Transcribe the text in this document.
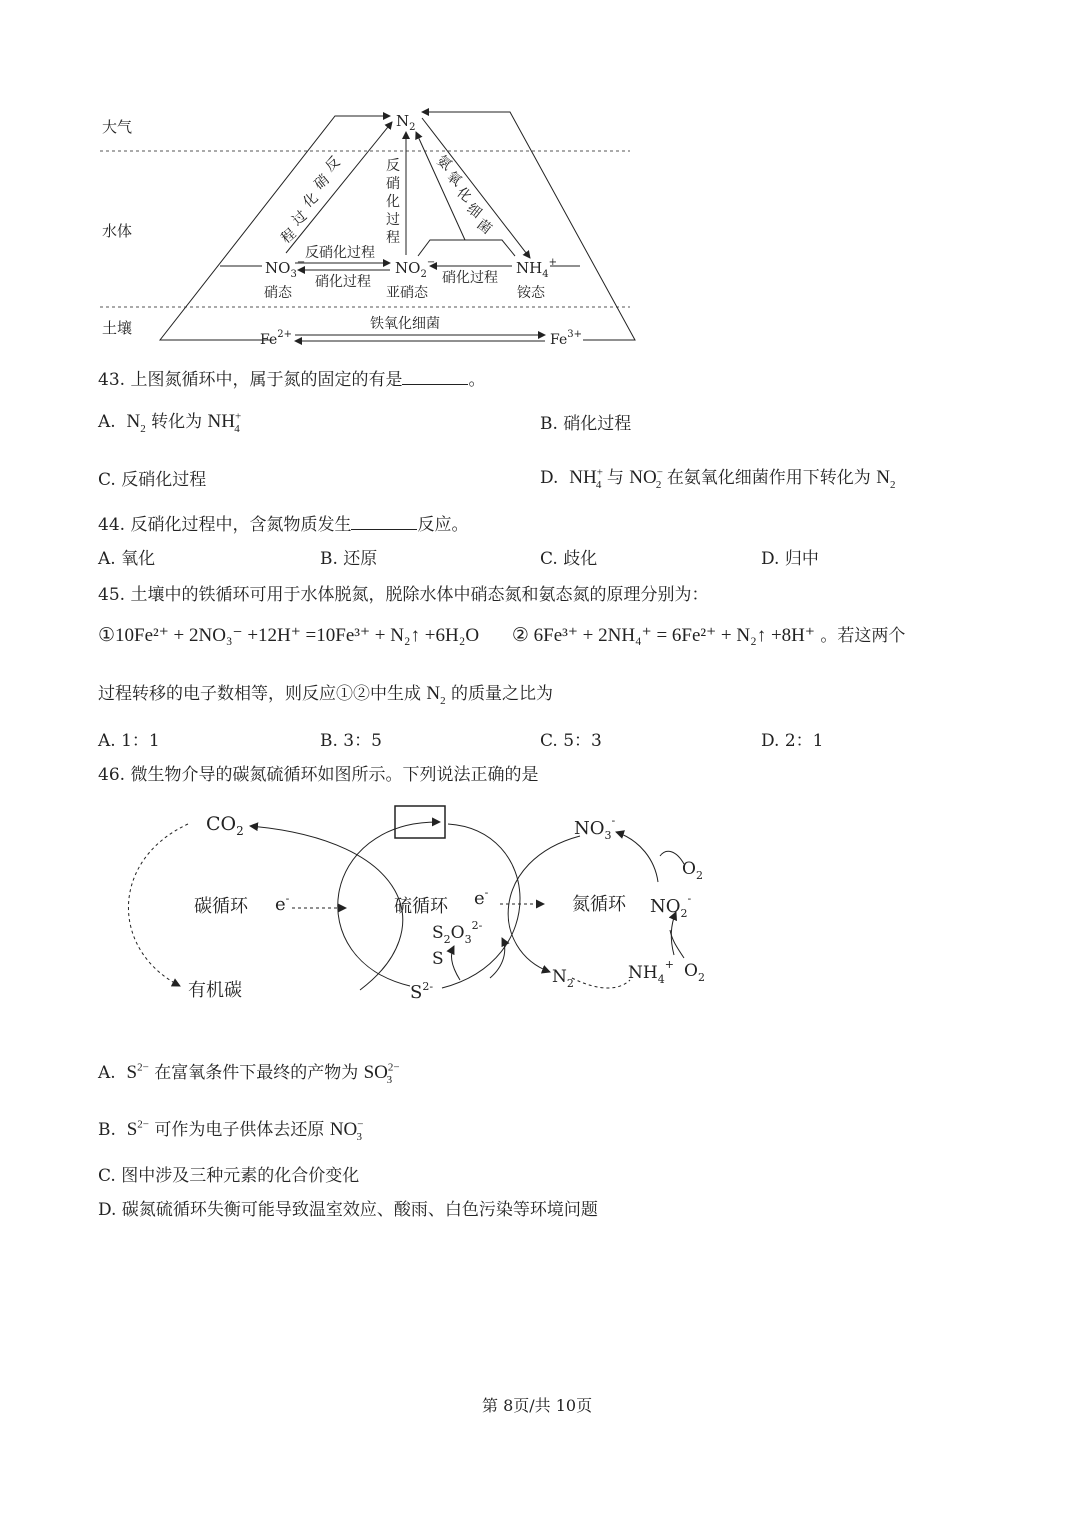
大气
水体
土壤
$N_2$
$NO_3^-$	$NO_2^-$	$NH_4^+$
硝态	亚硝态	铵态
反硝化过程
硝化过程	硝化过程
反
硝
化
过
程
反
硝
化
过
程
氨
氧
化
细
菌
$Fe^{2+}$	$Fe^{3+}$
铁氧化细菌
43. 上图氮循环中，属于氮的固定的有是	。
A. $N_2$ 转化为 $NH^+_4$	B. 硝化过程
C. 反硝化过程	D. $NH^+_4$ 与 $NO^-_2$ 在氨氧化细菌作用下转化为 $N_2$
44. 反硝化过程中，含氮物质发生	反应。
A. 氧化	B. 还原	C. 歧化	D. 归中
45. 土壤中的铁循环可用于水体脱氮，脱除水体中硝态氮和氨态氮的原理分别为：
①10Fe²⁺ + 2NO₃⁻ +12H⁺ =10Fe³⁺ + N₂↑ +6H₂O ② 6Fe³⁺ + 2NH₄⁺ = 6Fe²⁺ + N₂↑ +8H⁺ 。若这两个
过程转移的电子数相等，则反应①②中生成 $N_2$ 的质量之比为
A. 1：1	B. 3：5	C. 5：3	D. 2：1
46. 微生物介导的碳氮硫循环如图所示。下列说法正确的是
$CO_2$
碳循环 e-
有机碳
硫循环 e-
$S_2O_3^{2-}$
S
$S^{2-}$
氮循环
$NO_3^-$
$O_2$
$NO_2^-$
$N_2$
$NH_4^+$ $O_2$
A. $S^{2-}$ 在富氧条件下最终的产物为 $SO^{2-}_3$
B. $S^{2-}$ 可作为电子供体去还原 $NO^-_3$
C. 图中涉及三种元素的化合价变化
D. 碳氮硫循环失衡可能导致温室效应、酸雨、白色污染等环境问题
第 8页/共 10页
